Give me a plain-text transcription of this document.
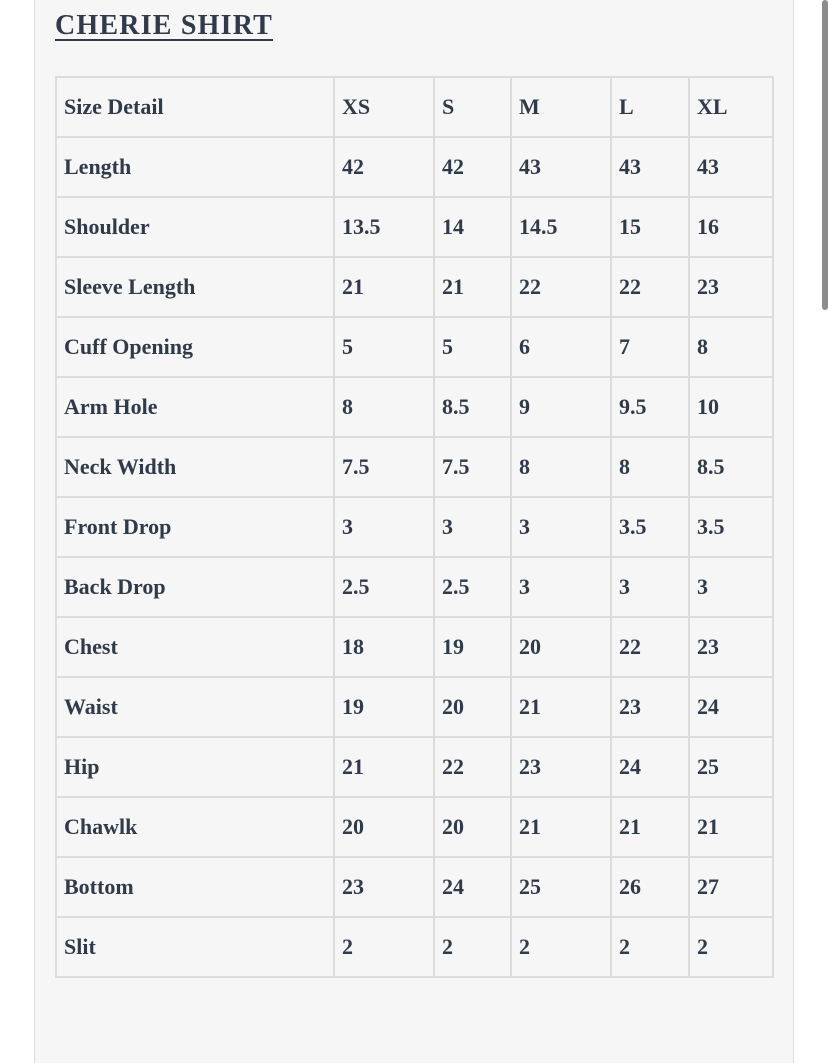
CHERIE SHIRT
Size Detail	XS	S	M	L	XL
Length	42	42	43	43	43
Shoulder	13.5	14	14.5	15	16
Sleeve Length	21	21	22	22	23
Cuff Opening	5	5	6	7	8
Arm Hole	8	8.5	9	9.5	10
Neck Width	7.5	7.5	8	8	8.5
Front Drop	3	3	3	3.5	3.5
Back Drop	2.5	2.5	3	3	3
Chest	18	19	20	22	23
Waist	19	20	21	23	24
Hip	21	22	23	24	25
Chawlk	20	20	21	21	21
Bottom	23	24	25	26	27
Slit	2	2	2	2	2
